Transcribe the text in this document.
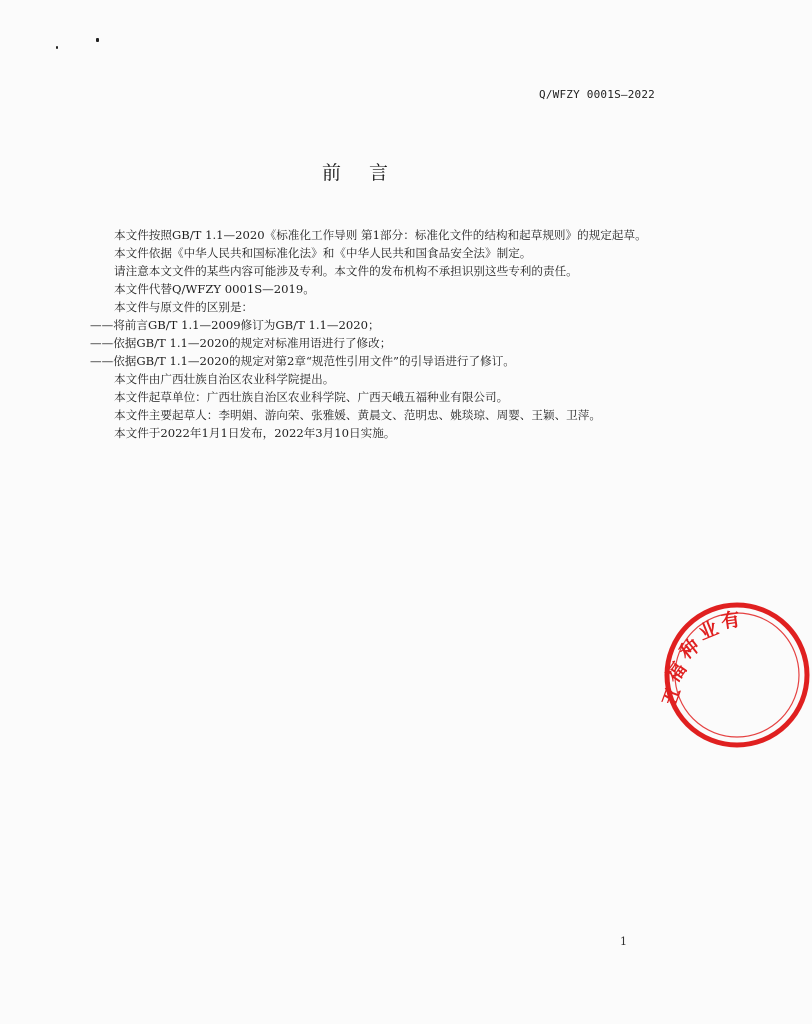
Q/WFZY 0001S—2022
前言

本文件按照GB/T 1.1—2020《标准化工作导则 第1部分：标准化文件的结构和起草规则》的规定起草。

本文件依据《中华人民共和国标准化法》和《中华人民共和国食品安全法》制定。

请注意本文文件的某些内容可能涉及专利。本文件的发布机构不承担识别这些专利的责任。

本文件代替Q/WFZY 0001S—2019。

本文件与原文件的区别是：

——将前言GB/T 1.1—2009修订为GB/T 1.1—2020；

——依据GB/T 1.1—2020的规定对标准用语进行了修改；

——依据GB/T 1.1—2020的规定对第2章“规范性引用文件”的引导语进行了修订。

本文件由广西壮族自治区农业科学院提出。

本文件起草单位：广西壮族自治区农业科学院、广西天峨五福种业有限公司。

本文件主要起草人：李明娟、游向荣、张雅媛、黄晨文、范明忠、姚琰琼、周婴、王颖、卫萍。

本文件于2022年1月1日发布，2022年3月10日实施。

1
五
福
种
业
有
